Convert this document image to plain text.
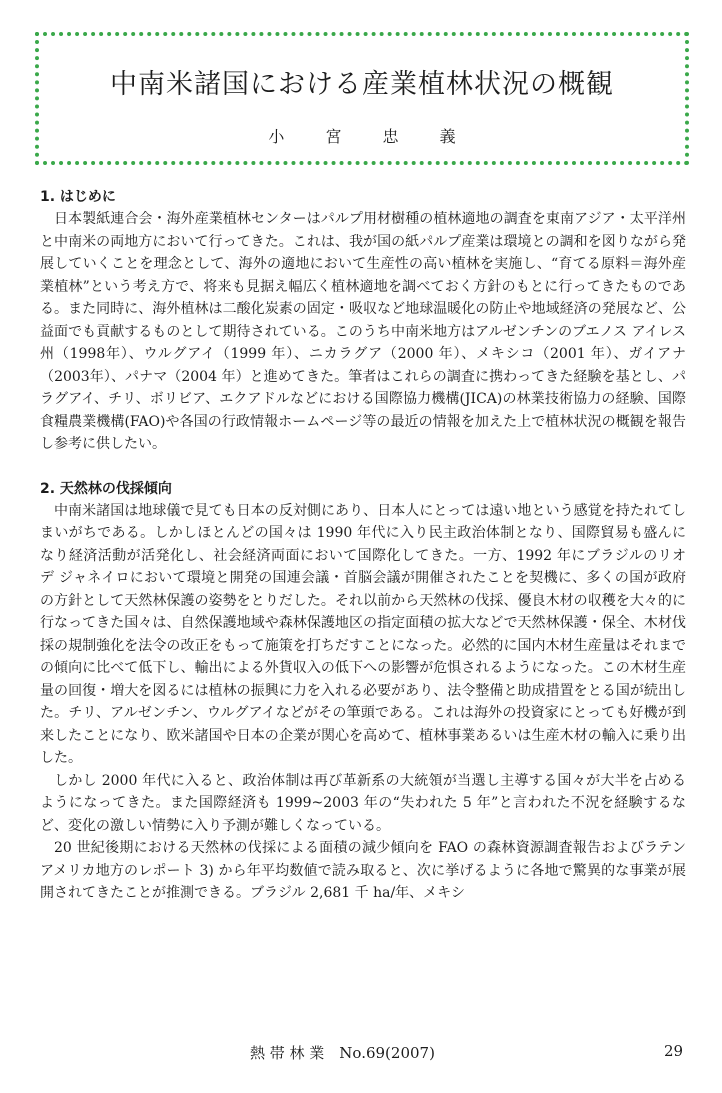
中南米諸国における産業植林状況の概観
小 宮 忠 義
1. はじめに

日本製紙連合会・海外産業植林センターはパルプ用材樹種の植林適地の調査を東南アジア・太平洋州と中南米の両地方において行ってきた。これは、我が国の紙パルプ産業は環境との調和を図りながら発展していくことを理念として、海外の適地において生産性の高い植林を実施し、“育てる原料＝海外産業植林”という考え方で、将来も見据え幅広く植林適地を調べておく方針のもとに行ってきたものである。また同時に、海外植林は二酸化炭素の固定・吸収など地球温暖化の防止や地域経済の発展など、公益面でも貢献するものとして期待されている。このうち中南米地方はアルゼンチンのブエノス アイレス州（1998年）、ウルグアイ（1999 年）、ニカラグア（2000 年）、メキシコ（2001 年）、ガイアナ（2003年）、パナマ（2004 年）と進めてきた。筆者はこれらの調査に携わってきた経験を基とし、パラグアイ、チリ、ボリビア、エクアドルなどにおける国際協力機構(JICA)の林業技術協力の経験、国際食糧農業機構(FAO)や各国の行政情報ホームページ等の最近の情報を加えた上で植林状況の概観を報告し参考に供したい。

2. 天然林の伐採傾向

中南米諸国は地球儀で見ても日本の反対側にあり、日本人にとっては遠い地という感覚を持たれてしまいがちである。しかしほとんどの国々は 1990 年代に入り民主政治体制となり、国際貿易も盛んになり経済活動が活発化し、社会経済両面において国際化してきた。一方、1992 年にブラジルのリオ デ ジャネイロにおいて環境と開発の国連会議・首脳会議が開催されたことを契機に、多くの国が政府の方針として天然林保護の姿勢をとりだした。それ以前から天然林の伐採、優良木材の収穫を大々的に行なってきた国々は、自然保護地域や森林保護地区の指定面積の拡大などで天然林保護・保全、木材伐採の規制強化を法令の改正をもって施策を打ちだすことになった。必然的に国内木材生産量はそれまでの傾向に比べて低下し、輸出による外貨収入の低下への影響が危惧されるようになった。この木材生産量の回復・増大を図るには植林の振興に力を入れる必要があり、法令整備と助成措置をとる国が続出した。チリ、アルゼンチン、ウルグアイなどがその筆頭である。これは海外の投資家にとっても好機が到来したことになり、欧米諸国や日本の企業が関心を高めて、植林事業あるいは生産木材の輸入に乗り出した。

しかし 2000 年代に入ると、政治体制は再び革新系の大統領が当選し主導する国々が大半を占めるようになってきた。また国際経済も 1999~2003 年の“失われた 5 年”と言われた不況を経験するなど、変化の激しい情勢に入り予測が難しくなっている。

20 世紀後期における天然林の伐採による面積の減少傾向を FAO の森林資源調査報告およびラテンアメリカ地方のレポート 3) から年平均数値で読み取ると、次に挙げるように各地で驚異的な事業が展開されてきたことが推測できる。ブラジル 2,681 千 ha/年、メキシ

熱 帯 林 業　No.69(2007)	29
